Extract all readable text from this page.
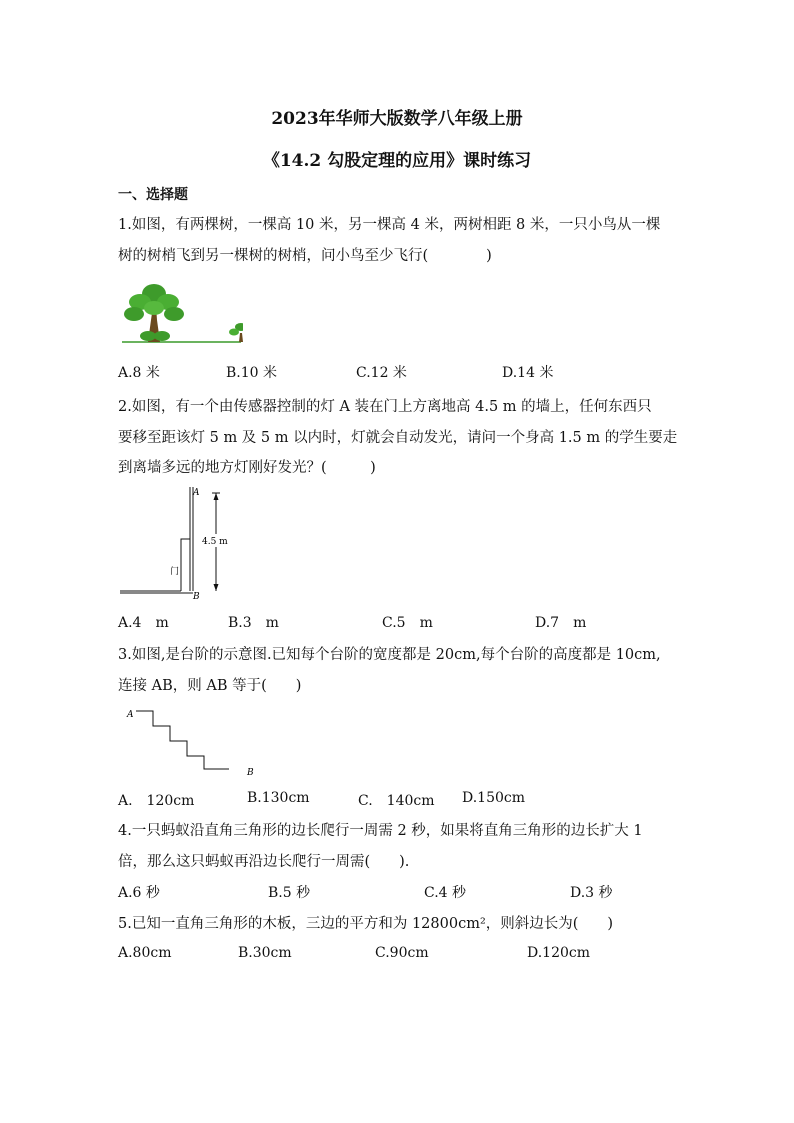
2023年华师大版数学八年级上册
《14.2 勾股定理的应用》课时练习
一、选择题
1.如图，有两棵树，一棵高 10 米，另一棵高 4 米，两树相距 8 米，一只小鸟从一棵
树的树梢飞到另一棵树的树梢，问小鸟至少飞行(　　　　)
A.8 米	B.10 米	C.12 米	D.14 米
2.如图，有一个由传感器控制的灯 A 装在门上方离地高 4.5 m 的墙上，任何东西只
要移至距该灯 5 m 及 5 m 以内时，灯就会自动发光，请问一个身高 1.5 m 的学生要走
到离墙多远的地方灯刚好发光？(　　　)
A
B
4.5 m
门
A.4　m	B.3　m	C.5　m	D.7　m
3.如图,是台阶的示意图.已知每个台阶的宽度都是 20cm,每个台阶的高度都是 10cm,
连接 AB，则 AB 等于(　　)
A
B
A.　120cm	B.130cm	C.　140cm D.150cm
4.一只蚂蚁沿直角三角形的边长爬行一周需 2 秒，如果将直角三角形的边长扩大 1
倍，那么这只蚂蚁再沿边长爬行一周需(　　).
A.6 秒	B.5 秒	C.4 秒	D.3 秒
5.已知一直角三角形的木板，三边的平方和为 12800cm²，则斜边长为(　　)
A.80cm	B.30cm	C.90cm	D.120cm
